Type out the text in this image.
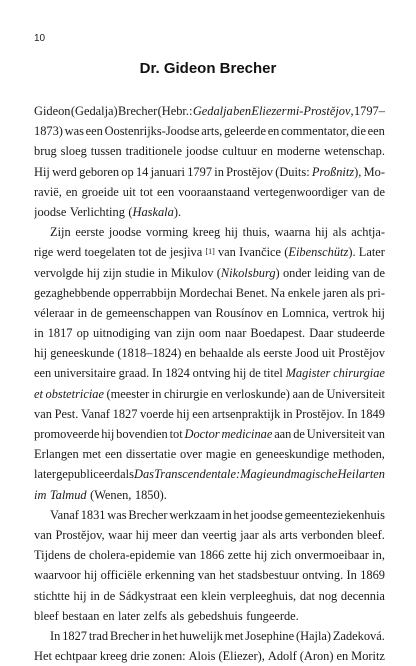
10
Dr. Gideon Brecher
Gideon (Gedalja) Brecher (Hebr.: Gedalja ben Eliezer mi-Prostějov, 1797–
1873) was een Oostenrijks-Joodse arts, geleerde en commentator, die een
brug sloeg tussen traditionele joodse cultuur en moderne wetenschap.
Hij werd geboren op 14 januari 1797 in Prostějov (Duits: Proßnitz), Mo-
ravië, en groeide uit tot een vooraanstaand vertegenwoordiger van de
joodse Verlichting (Haskala).
Zijn eerste joodse vorming kreeg hij thuis, waarna hij als achtja-
rige werd toegelaten tot de jesjiva [1] van Ivančice (Eibenschütz). Later
vervolgde hij zijn studie in Mikulov (Nikolsburg) onder leiding van de
gezaghebbende opperrabbijn Mordechai Benet. Na enkele jaren als pri-
véleraar in de gemeenschappen van Rousínov en Lomnica, vertrok hij
in 1817 op uitnodiging van zijn oom naar Boedapest. Daar studeerde
hij geneeskunde (1818–1824) en behaalde als eerste Jood uit Prostějov
een universitaire graad. In 1824 ontving hij de titel Magister chirurgiae
et obstetriciae (meester in chirurgie en verloskunde) aan de Universiteit
van Pest. Vanaf 1827 voerde hij een artsenpraktijk in Prostějov. In 1849
promoveerde hij bovendien tot Doctor medicinae aan de Universiteit van
Erlangen met een dissertatie over magie en geneeskundige methoden,
later gepubliceerd als Das Transcendentale: Magie und magische Heilarten
im Talmud (Wenen, 1850).
Vanaf 1831 was Brecher werkzaam in het joodse gemeenteziekenhuis
van Prostějov, waar hij meer dan veertig jaar als arts verbonden bleef.
Tijdens de cholera-epidemie van 1866 zette hij zich onvermoeibaar in,
waarvoor hij officiële erkenning van het stadsbestuur ontving. In 1869
stichtte hij in de Sádkystraat een klein verpleeghuis, dat nog decennia
bleef bestaan en later zelfs als gebedshuis fungeerde.
In 1827 trad Brecher in het huwelijk met Josephine (Hajla) Zadeková.
Het echtpaar kreeg drie zonen: Alois (Eliezer), Adolf (Aron) en Moritz
